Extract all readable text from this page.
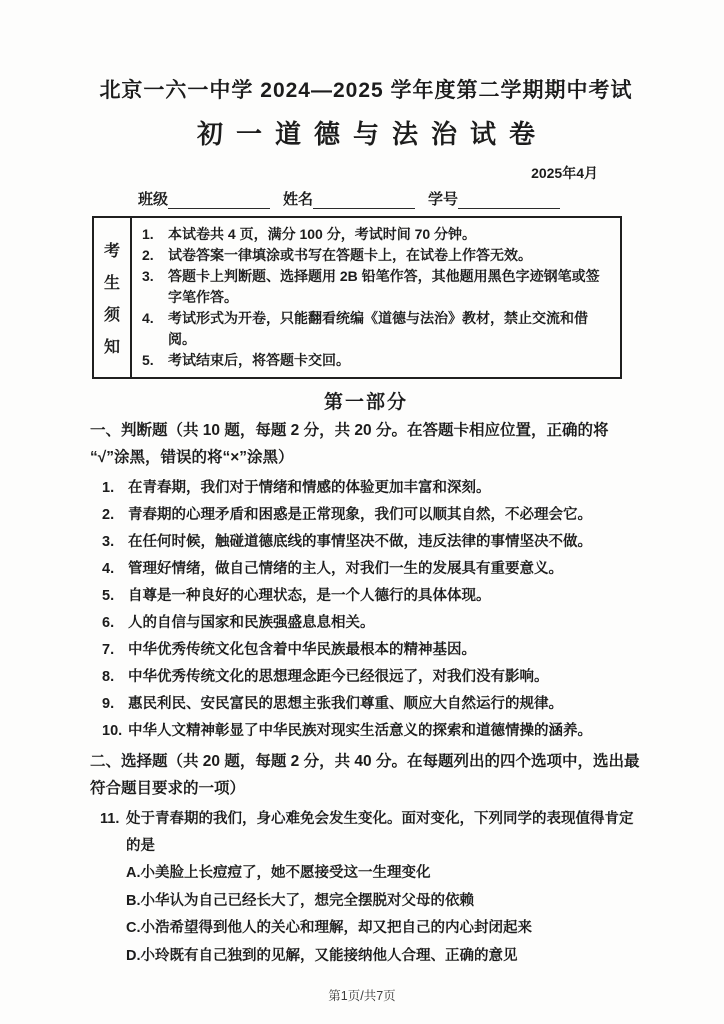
北京一六一中学 2024—2025 学年度第二学期期中考试
初一道德与法治试卷
2025年4月
班级	姓名	学号
考
生
须
知
1.	本试卷共 4 页，满分 100 分，考试时间 70 分钟。
2.	试卷答案一律填涂或书写在答题卡上，在试卷上作答无效。
3.	答题卡上判断题、选择题用 2B 铅笔作答，其他题用黑色字迹钢笔或签字笔作答。
4.	考试形式为开卷，只能翻看统编《道德与法治》教材，禁止交流和借阅。
5.	考试结束后，将答题卡交回。
第一部分
一、判断题（共 10 题，每题 2 分，共 20 分。在答题卡相应位置，正确的将
“√”涂黑，错误的将“×”涂黑）
1. 在青春期，我们对于情绪和情感的体验更加丰富和深刻。
2. 青春期的心理矛盾和困惑是正常现象，我们可以顺其自然，不必理会它。
3. 在任何时候，触碰道德底线的事情坚决不做，违反法律的事情坚决不做。
4. 管理好情绪，做自己情绪的主人，对我们一生的发展具有重要意义。
5. 自尊是一种良好的心理状态，是一个人德行的具体体现。
6. 人的自信与国家和民族强盛息息相关。
7. 中华优秀传统文化包含着中华民族最根本的精神基因。
8. 中华优秀传统文化的思想理念距今已经很远了，对我们没有影响。
9. 惠民利民、安民富民的思想主张我们尊重、顺应大自然运行的规律。
10. 中华人文精神彰显了中华民族对现实生活意义的探索和道德情操的涵养。
二、选择题（共 20 题，每题 2 分，共 40 分。在每题列出的四个选项中，选出最
符合题目要求的一项）
11. 处于青春期的我们，身心难免会发生变化。面对变化，下列同学的表现值得肯定的是
A.小美脸上长痘痘了，她不愿接受这一生理变化
B.小华认为自己已经长大了，想完全摆脱对父母的依赖
C.小浩希望得到他人的关心和理解，却又把自己的内心封闭起来
D.小玲既有自己独到的见解，又能接纳他人合理、正确的意见
第1页/共7页
